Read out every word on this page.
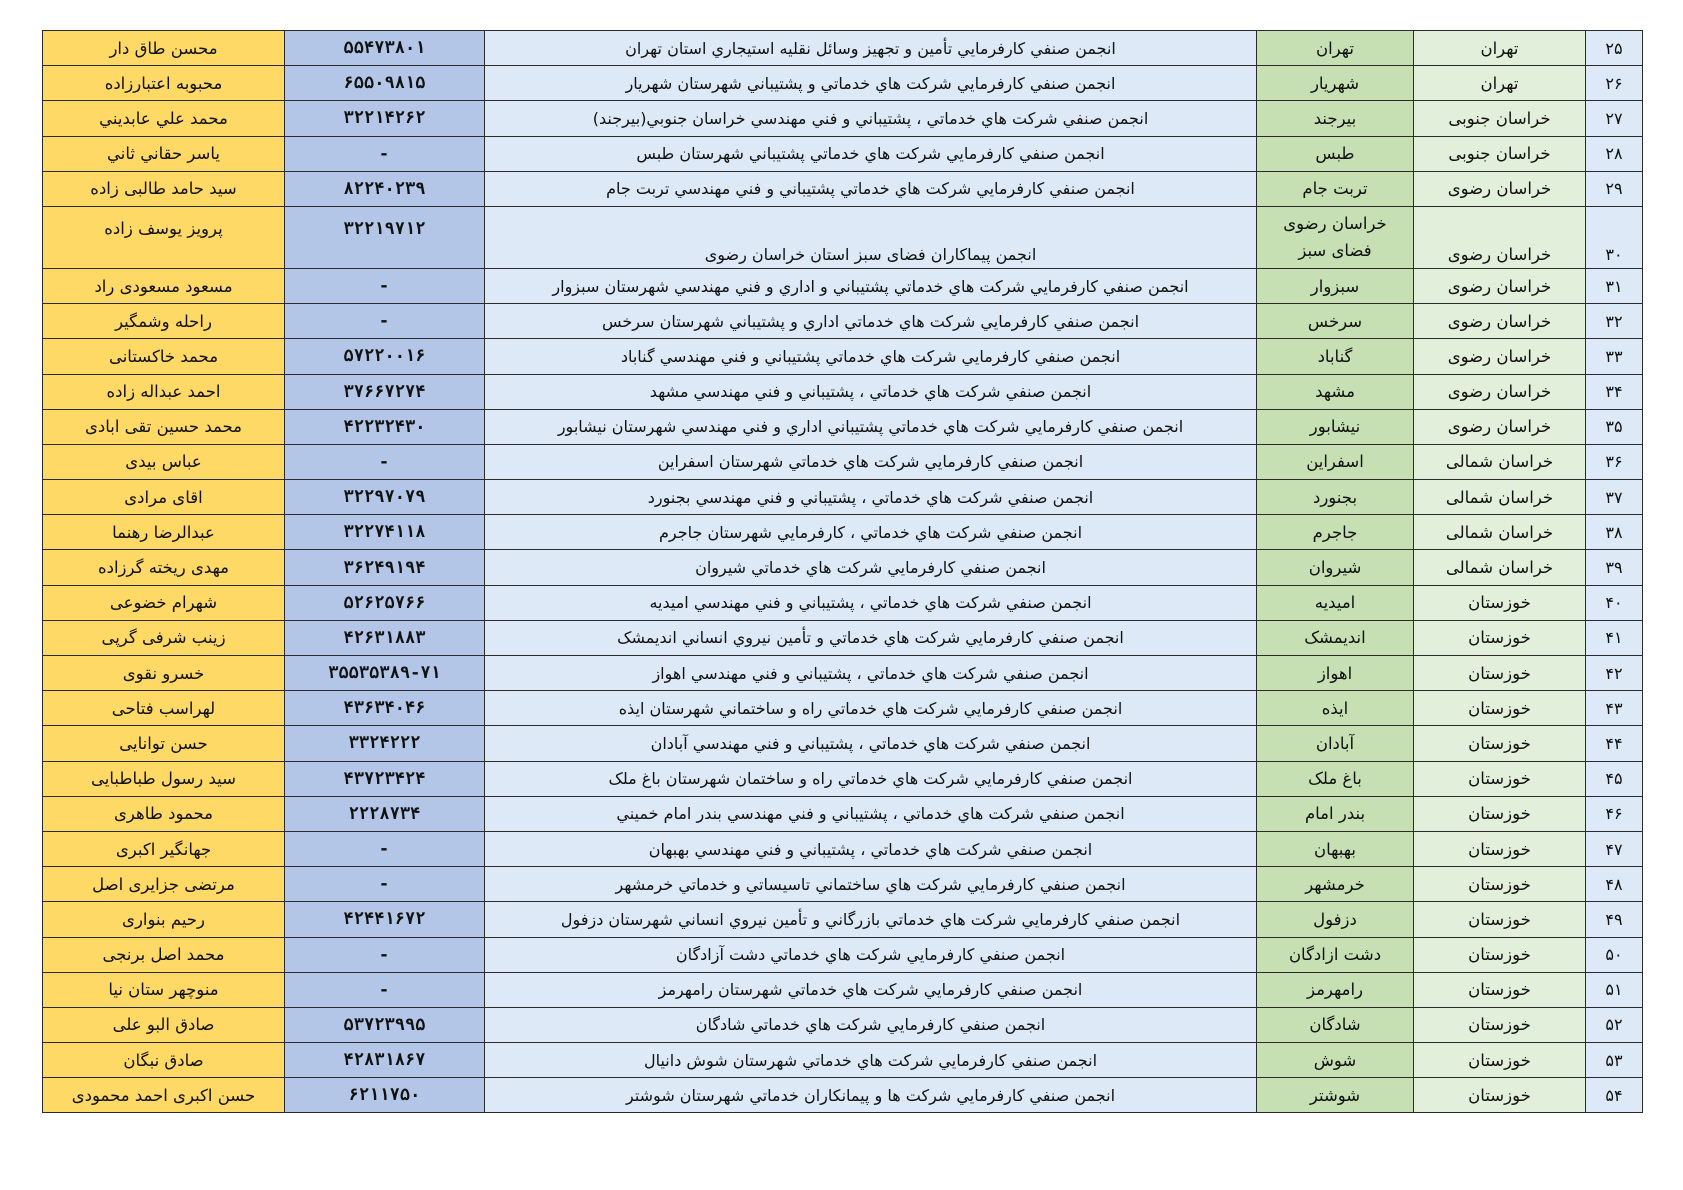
محسن طاق دار	۵۵۴۷۳۸۰۱	انجمن صنفي كارفرمايي تأمين و تجهيز وسائل نقليه استيجاري استان تهران	تهران	تهران	۲۵
محبوبه اعتبارزاده	۶۵۵۰۹۸۱۵	انجمن صنفي كارفرمايي شركت هاي خدماتي و پشتيباني شهرستان شهريار	شهريار	تهران	۲۶
محمد علي عابديني	۳۲۲۱۴۲۶۲	انجمن صنفي شركت هاي خدماتي ، پشتيباني و فني مهندسي خراسان جنوبي(بيرجند)	بيرجند	خراسان جنوبی	۲۷
ياسر حقاني ثاني	-	انجمن صنفي كارفرمايي شركت هاي خدماتي پشتيباني شهرستان طبس	طبس	خراسان جنوبی	۲۸
سيد حامد طالبی زاده	۸۲۲۴۰۲۳۹	انجمن صنفي كارفرمايي شركت هاي خدماتي پشتيباني و فني مهندسي تربت جام	تربت جام	خراسان رضوی	۲۹
پرويز يوسف زاده	۳۲۲۱۹۷۱۲	انجمن پيماكاران فضای سبز استان خراسان رضوی	خراسان رضوی فضای سبز	خراسان رضوی	۳۰
مسعود مسعودی راد	-	انجمن صنفي كارفرمايي شركت هاي خدماتي پشتيباني و اداري و فني مهندسي شهرستان سبزوار	سبزوار	خراسان رضوی	۳۱
راحله وشمگير	-	انجمن صنفي كارفرمايي شركت هاي خدماتي اداري و پشتيباني شهرستان سرخس	سرخس	خراسان رضوی	۳۲
محمد خاكستانی	۵۷۲۲۰۰۱۶	انجمن صنفي كارفرمايي شركت هاي خدماتي پشتيباني و فني مهندسي گناباد	گناباد	خراسان رضوی	۳۳
احمد عبداله زاده	۳۷۶۶۷۲۷۴	انجمن صنفي شركت هاي خدماتي ، پشتيباني و فني مهندسي مشهد	مشهد	خراسان رضوی	۳۴
محمد حسين تقی ابادی	۴۲۲۳۲۴۳۰	انجمن صنفي كارفرمايي شركت هاي خدماتي پشتيباني اداري و فني مهندسي شهرستان نيشابور	نيشابور	خراسان رضوی	۳۵
عباس بيدی	-	انجمن صنفي كارفرمايي شركت هاي خدماتي شهرستان اسفراين	اسفراين	خراسان شمالی	۳۶
اقای مرادی	۳۲۲۹۷۰۷۹	انجمن صنفي شركت هاي خدماتي ، پشتيباني و فني مهندسي بجنورد	بجنورد	خراسان شمالی	۳۷
عبدالرضا رهنما	۳۲۲۷۴۱۱۸	انجمن صنفي شركت هاي خدماتي ، كارفرمايي شهرستان جاجرم	جاجرم	خراسان شمالی	۳۸
مهدی ريخته گرزاده	۳۶۲۴۹۱۹۴	انجمن صنفي كارفرمايي شركت هاي خدماتي شيروان	شيروان	خراسان شمالی	۳۹
شهرام خضوعی	۵۲۶۲۵۷۶۶	انجمن صنفي شركت هاي خدماتي ، پشتيباني و فني مهندسي اميديه	اميديه	خوزستان	۴۰
زينب شرفی گرپی	۴۲۶۳۱۸۸۳	انجمن صنفي كارفرمايي شركت هاي خدماتي و تأمين نيروي انساني انديمشک	انديمشک	خوزستان	۴۱
خسرو نقوی	۳۵۵۳۵۳۸۹-۷۱	انجمن صنفي شركت هاي خدماتي ، پشتيباني و فني مهندسي اهواز	اهواز	خوزستان	۴۲
لهراسب فتاحی	۴۳۶۳۴۰۴۶	انجمن صنفي كارفرمايي شركت هاي خدماتي راه و ساختماني شهرستان ايذه	ايذه	خوزستان	۴۳
حسن توانايی	۳۳۲۴۲۲۲	انجمن صنفي شركت هاي خدماتي ، پشتيباني و فني مهندسي آبادان	آبادان	خوزستان	۴۴
سيد رسول طباطبايی	۴۳۷۲۳۴۲۴	انجمن صنفي كارفرمايي شركت هاي خدماتي راه و ساختمان شهرستان باغ ملک	باغ ملک	خوزستان	۴۵
محمود طاهری	۲۲۲۸۷۳۴	انجمن صنفي شركت هاي خدماتي ، پشتيباني و فني مهندسي بندر امام خميني	بندر امام	خوزستان	۴۶
جهانگير اكبری	-	انجمن صنفي شركت هاي خدماتي ، پشتيباني و فني مهندسي بهبهان	بهبهان	خوزستان	۴۷
مرتضی جزايری اصل	-	انجمن صنفي كارفرمايي شركت هاي ساختماني تاسيساتي و خدماتي خرمشهر	خرمشهر	خوزستان	۴۸
رحيم بنواری	۴۲۴۴۱۶۷۲	انجمن صنفي كارفرمايي شركت هاي خدماتي بازرگاني و تأمين نيروي انساني شهرستان دزفول	دزفول	خوزستان	۴۹
محمد اصل برنجی	-	انجمن صنفي كارفرمايي شركت هاي خدماتي دشت آزادگان	دشت ازادگان	خوزستان	۵۰
منوچهر ستان نيا	-	انجمن صنفي كارفرمايي شركت هاي خدماتي شهرستان رامهرمز	رامهرمز	خوزستان	۵۱
صادق البو علی	۵۳۷۲۳۹۹۵	انجمن صنفي كارفرمايي شركت هاي خدماتي شادگان	شادگان	خوزستان	۵۲
صادق نبگان	۴۲۸۳۱۸۶۷	انجمن صنفي كارفرمايي شركت هاي خدماتي شهرستان شوش دانيال	شوش	خوزستان	۵۳
حسن اكبری احمد محمودی	۶۲۱۱۷۵۰	انجمن صنفي كارفرمايي شركت ها و پيمانكاران خدماتي شهرستان شوشتر	شوشتر	خوزستان	۵۴
